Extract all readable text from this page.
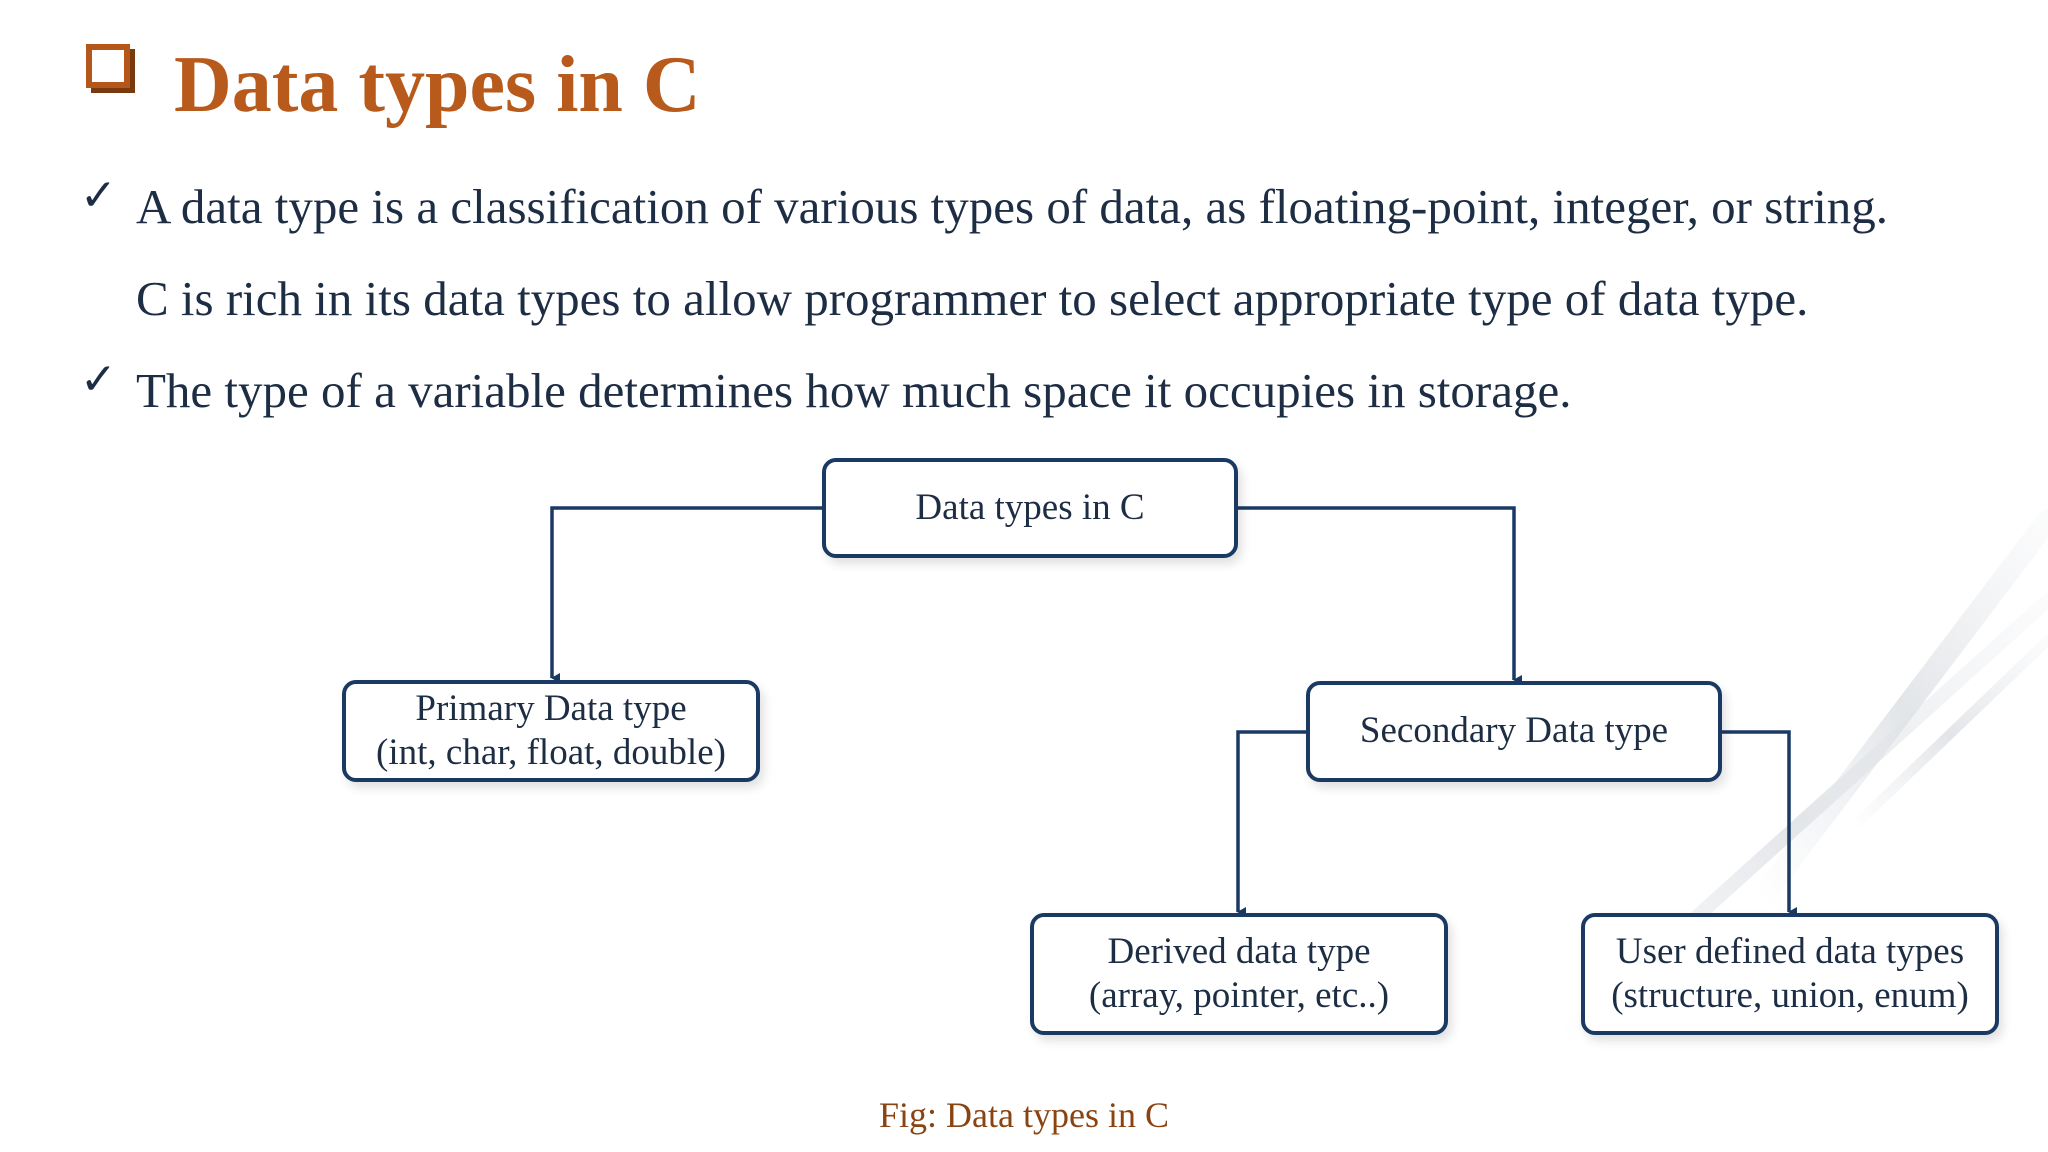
Data types in C
✓ A data type is a classification of various types of data, as floating-point, integer, or string.
C is rich in its data types to allow programmer to select appropriate type of data type.
✓ The type of a variable determines how much space it occupies in storage.
Data types in C
Primary Data type
(int, char, float, double)
Secondary Data type
Derived data type
(array, pointer, etc..)
User defined data types
(structure, union, enum)
Fig: Data types in C
